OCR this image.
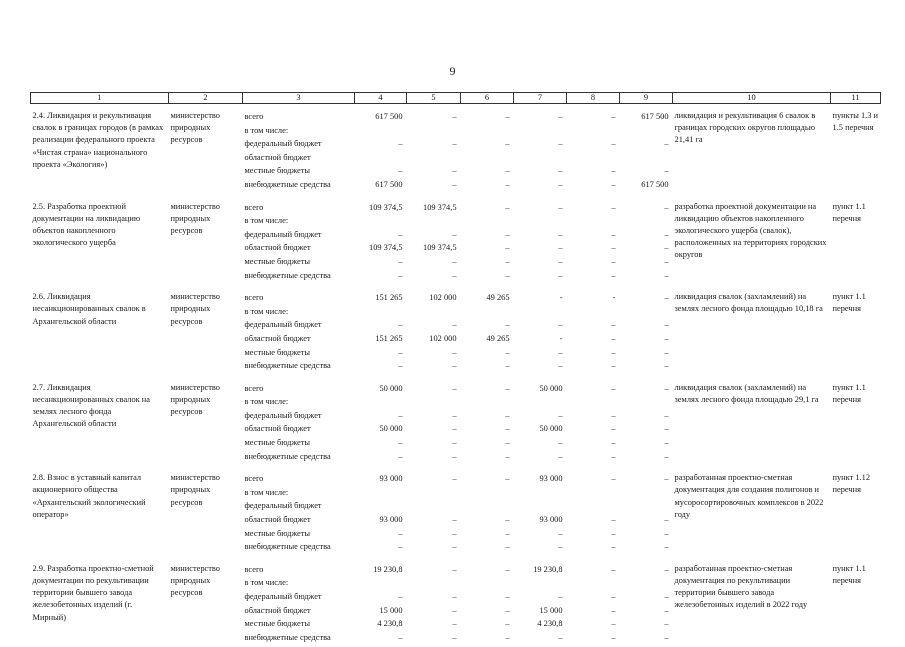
9
1	2	3	4	5	6	7	8	9	10	11
2.4. Ликвидация и рекультивация свалок в границах городов (в рамках реализации федерального проекта «Чистая страна» национального проекта «Экология»)	министерство природных ресурсов	всего	617 500	–	–	–	–	617 500	ликвидация и рекультивация 6 свалок в границах городских округов площадью 21,41 га	пункты 1.3 и 1.5 перечня
		в том числе:								
		федеральный бюджет	–	–	–	–	–	–		
		областной бюджет								
		местные бюджеты	–	–	–	–	–	–		
		внебюджетные средства	617 500	–	–	–	–	617 500		
2.5. Разработка проектной документации на ликвидацию объектов накопленного экологического ущерба	министерство природных ресурсов	всего	109 374,5	109 374,5	–	–	–	–	разработка проектной документации на ликвидацию объектов накопленного экологического ущерба (свалок), расположенных на территориях городских округов	пункт 1.1 перечня
		в том числе:								
		федеральный бюджет	–	–	–	–	–	–		
		областной бюджет	109 374,5	109 374,5	–	–	–	–		
		местные бюджеты	–	–	–	–	–	–		
		внебюджетные средства	–	–	–	–	–	–		
2.6. Ликвидация несанкционированных свалок в Архангельской области	министерство природных ресурсов	всего	151 265	102 000	49 265	-	-	–	ликвидация свалок (захламлений) на землях лесного фонда площадью 10,18 га	пункт 1.1 перечня
		в том числе:								
		федеральный бюджет	–	–	–	–	–	–		
		областной бюджет	151 265	102 000	49 265	-	–	–		
		местные бюджеты	–	–	–	–	–	–		
		внебюджетные средства	–	–	–	–	–	–		
2.7. Ликвидация несанкционированных свалок на землях лесного фонда Архангельской области	министерство природных ресурсов	всего	50 000	–	–	50 000	–	–	ликвидация свалок (захламлений) на землях лесного фонда площадью 29,1 га	пункт 1.1 перечня
		в том числе:								
		федеральный бюджет	–	–	–	–	–	–		
		областной бюджет	50 000	–	–	50 000	–	–		
		местные бюджеты	–	–	–	–	–	–		
		внебюджетные средства	–	–	–	–	–	–		
2.8. Взнос в уставный капитал акционерного общества «Архангельский экологический оператор»	министерство природных ресурсов	всего	93 000	–	–	93 000	–	–	разработанная проектно-сметная документация для создания полигонов и мусоросортировочных комплексов в 2022 году	пункт 1.12 перечня
		в том числе:								
		федеральный бюджет								
		областной бюджет	93 000	–	–	93 000	–	–		
		местные бюджеты	–	–	–	–	–	–		
		внебюджетные средства	–	–	–	–	–	–		
2.9. Разработка проектно-сметной документации по рекультивации территории бывшего завода железобетонных изделий (г. Мирный)	министерство природных ресурсов	всего	19 230,8	–	–	19 230,8	–	–	разработанная проектно-сметная документация по рекультивации территории бывшего завода железобетонных изделий в 2022 году	пункт 1.1 перечня
		в том числе:								
		федеральный бюджет	–	–	–	–	–	–		
		областной бюджет	15 000	–	–	15 000	–	–		
		местные бюджеты	4 230,8	–	–	4 230,8	–	–		
		внебюджетные средства	–	–	–	–	–	–		
